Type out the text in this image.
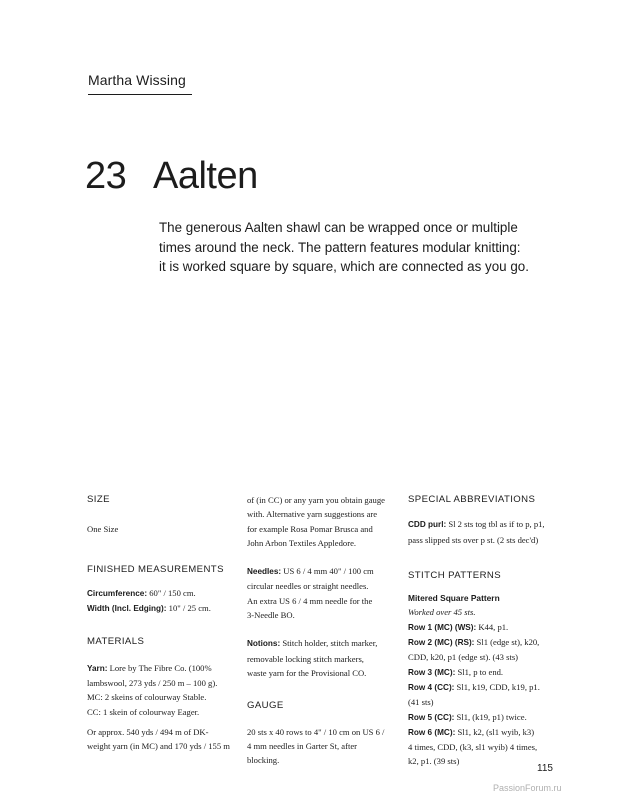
Martha Wissing
23 Aalten
The generous Aalten shawl can be wrapped once or multiple
times around the neck. The pattern features modular knitting:
it is worked square by square, which are connected as you go.
SIZE
One Size
FINISHED MEASUREMENTS
Circumference: 60" / 150 cm.
Width (Incl. Edging): 10" / 25 cm.
MATERIALS
Yarn: Lore by The Fibre Co. (100%
lambswool, 273 yds / 250 m – 100 g).
MC: 2 skeins of colourway Stable.
CC: 1 skein of colourway Eager.
Or approx. 540 yds / 494 m of DK-
weight yarn (in MC) and 170 yds / 155 m
of (in CC) or any yarn you obtain gauge
with. Alternative yarn suggestions are
for example Rosa Pomar Brusca and
John Arbon Textiles Appledore.
Needles: US 6 / 4 mm 40" / 100 cm
circular needles or straight needles.
An extra US 6 / 4 mm needle for the
3-Needle BO.
Notions: Stitch holder, stitch marker,
removable locking stitch markers,
waste yarn for the Provisional CO.
GAUGE
20 sts x 40 rows to 4" / 10 cm on US 6 /
4 mm needles in Garter St, after
blocking.
SPECIAL ABBREVIATIONS
CDD purl: Sl 2 sts tog tbl as if to p, p1,
pass slipped sts over p st. (2 sts dec'd)
STITCH PATTERNS
Mitered Square Pattern
Worked over 45 sts.
Row 1 (MC) (WS): K44, p1.
Row 2 (MC) (RS): Sl1 (edge st), k20,
CDD, k20, p1 (edge st). (43 sts)
Row 3 (MC): Sl1, p to end.
Row 4 (CC): Sl1, k19, CDD, k19, p1.
(41 sts)
Row 5 (CC): Sl1, (k19, p1) twice.
Row 6 (MC): Sl1, k2, (sl1 wyib, k3)
4 times, CDD, (k3, sl1 wyib) 4 times,
k2, p1. (39 sts)
115
PassionForum.ru
